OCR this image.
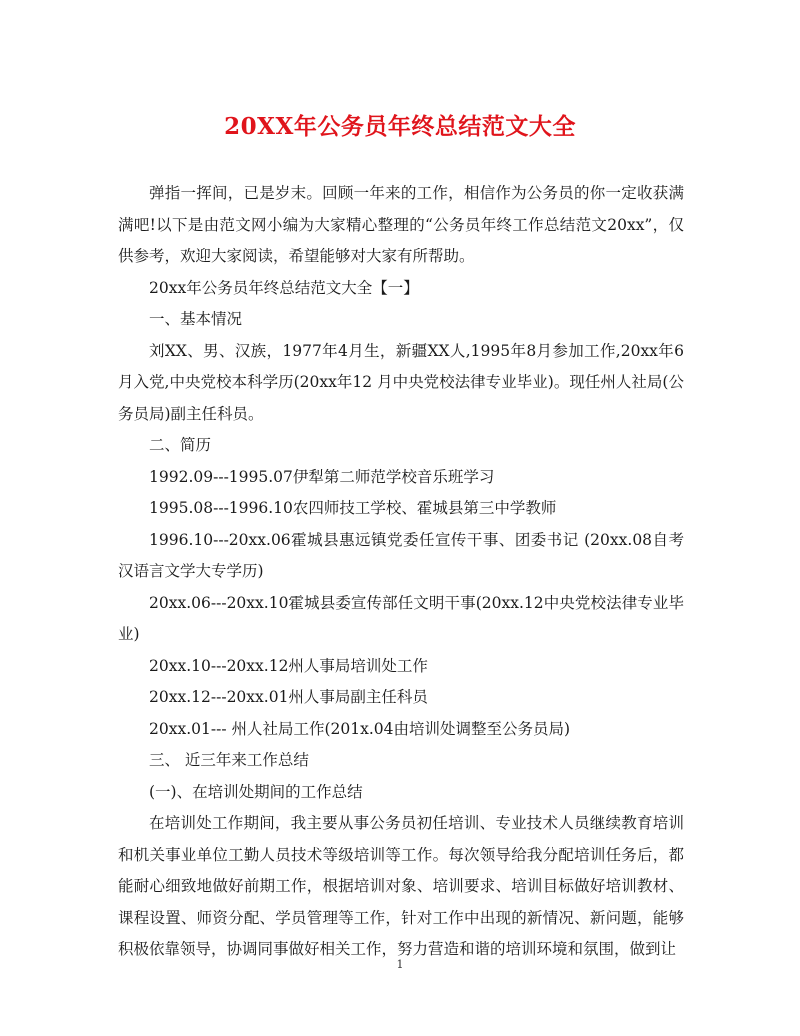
20XX年公务员年终总结范文大全

弹指一挥间，已是岁末。回顾一年来的工作，相信作为公务员的你一定收获满满吧!以下是由范文网小编为大家精心整理的“公务员年终工作总结范文20xx”，仅供参考，欢迎大家阅读，希望能够对大家有所帮助。

20xx年公务员年终总结范文大全【一】

一、基本情况

刘XX、男、汉族，1977年4月生，新疆XX人,1995年8月参加工作,20xx年6月入党,中央党校本科学历(20xx年12 月中央党校法律专业毕业)。现任州人社局(公务员局)副主任科员。

二、简历

1992.09---1995.07伊犁第二师范学校音乐班学习

1995.08---1996.10农四师技工学校、霍城县第三中学教师

1996.10---20xx.06霍城县惠远镇党委任宣传干事、团委书记 (20xx.08自考汉语言文学大专学历)

20xx.06---20xx.10霍城县委宣传部任文明干事(20xx.12中央党校法律专业毕业)

20xx.10---20xx.12州人事局培训处工作

20xx.12---20xx.01州人事局副主任科员

20xx.01--- 州人社局工作(201x.04由培训处调整至公务员局)

三、 近三年来工作总结

(一)、在培训处期间的工作总结

在培训处工作期间，我主要从事公务员初任培训、专业技术人员继续教育培训和机关事业单位工勤人员技术等级培训等工作。每次领导给我分配培训任务后，都能耐心细致地做好前期工作，根据培训对象、培训要求、培训目标做好培训教材、课程设置、师资分配、学员管理等工作，针对工作中出现的新情况、新问题，能够积极依靠领导，协调同事做好相关工作，努力营造和谐的培训环境和氛围，做到让

1
